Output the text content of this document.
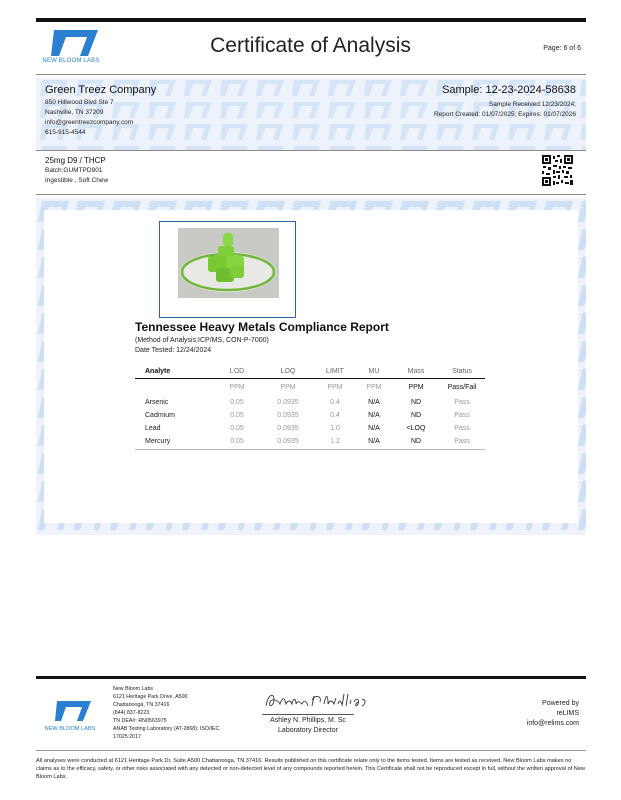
NEW BLOOM LABS
Certificate of Analysis	Page: 6 of 6
Green Treez Company
850 Hillwood Blvd Ste 7
Nashville, TN 37209
info@greentreezcompany.com
615-915-4544
Sample: 12-23-2024-58638
Sample Received:12/23/2024;
Report Created: 01/07/2025; Expires: 01/07/2026
25mg D9 / THCP
Batch:GUMTPD901
Ingestible , Soft Chew
Tennessee Heavy Metals Compliance Report
(Method of Analysis:ICP/MS, CON-P-7000)
Date Tested: 12/24/2024
Analyte	LOD	LOQ	LIMIT	MU	Mass	Status
	PPM	PPM	PPM	PPM	PPM	Pass/Fail
Arsenic	0.05	0.0935	0.4	N/A	ND	Pass
Cadmium	0.05	0.0935	0.4	N/A	ND	Pass
Lead	0.05	0.0935	1.0	N/A	<LOQ	Pass
Mercury	0.05	0.0935	1.2	N/A	ND	Pass
NEW BLOOM LABS
New Bloom Labs
6121 Heritage Park Drive, A500
Chattanooga, TN 37416
(844) 837-8223
TN DEA#: RN0563975
ANAB Testing Laboratory (AT-2868): ISO/IEC
17025:2017
Ashley N. Phillips, M. Sc
Laboratory Director
Powered by
reLIMS
info@relims.com
All analyses were conducted at 6121 Heritage Park Dr, Suite A500 Chattanooga, TN 37416. Results published on this certificate relate only to the items tested. Items are tested as received. New Bloom Labs makes no claims as to the efficacy, safety, or other risks associated with any detected or non-detected level of any compounds reported herein. This Certificate shall not be reproduced except in full, without the written approval of New Bloom Labs.
